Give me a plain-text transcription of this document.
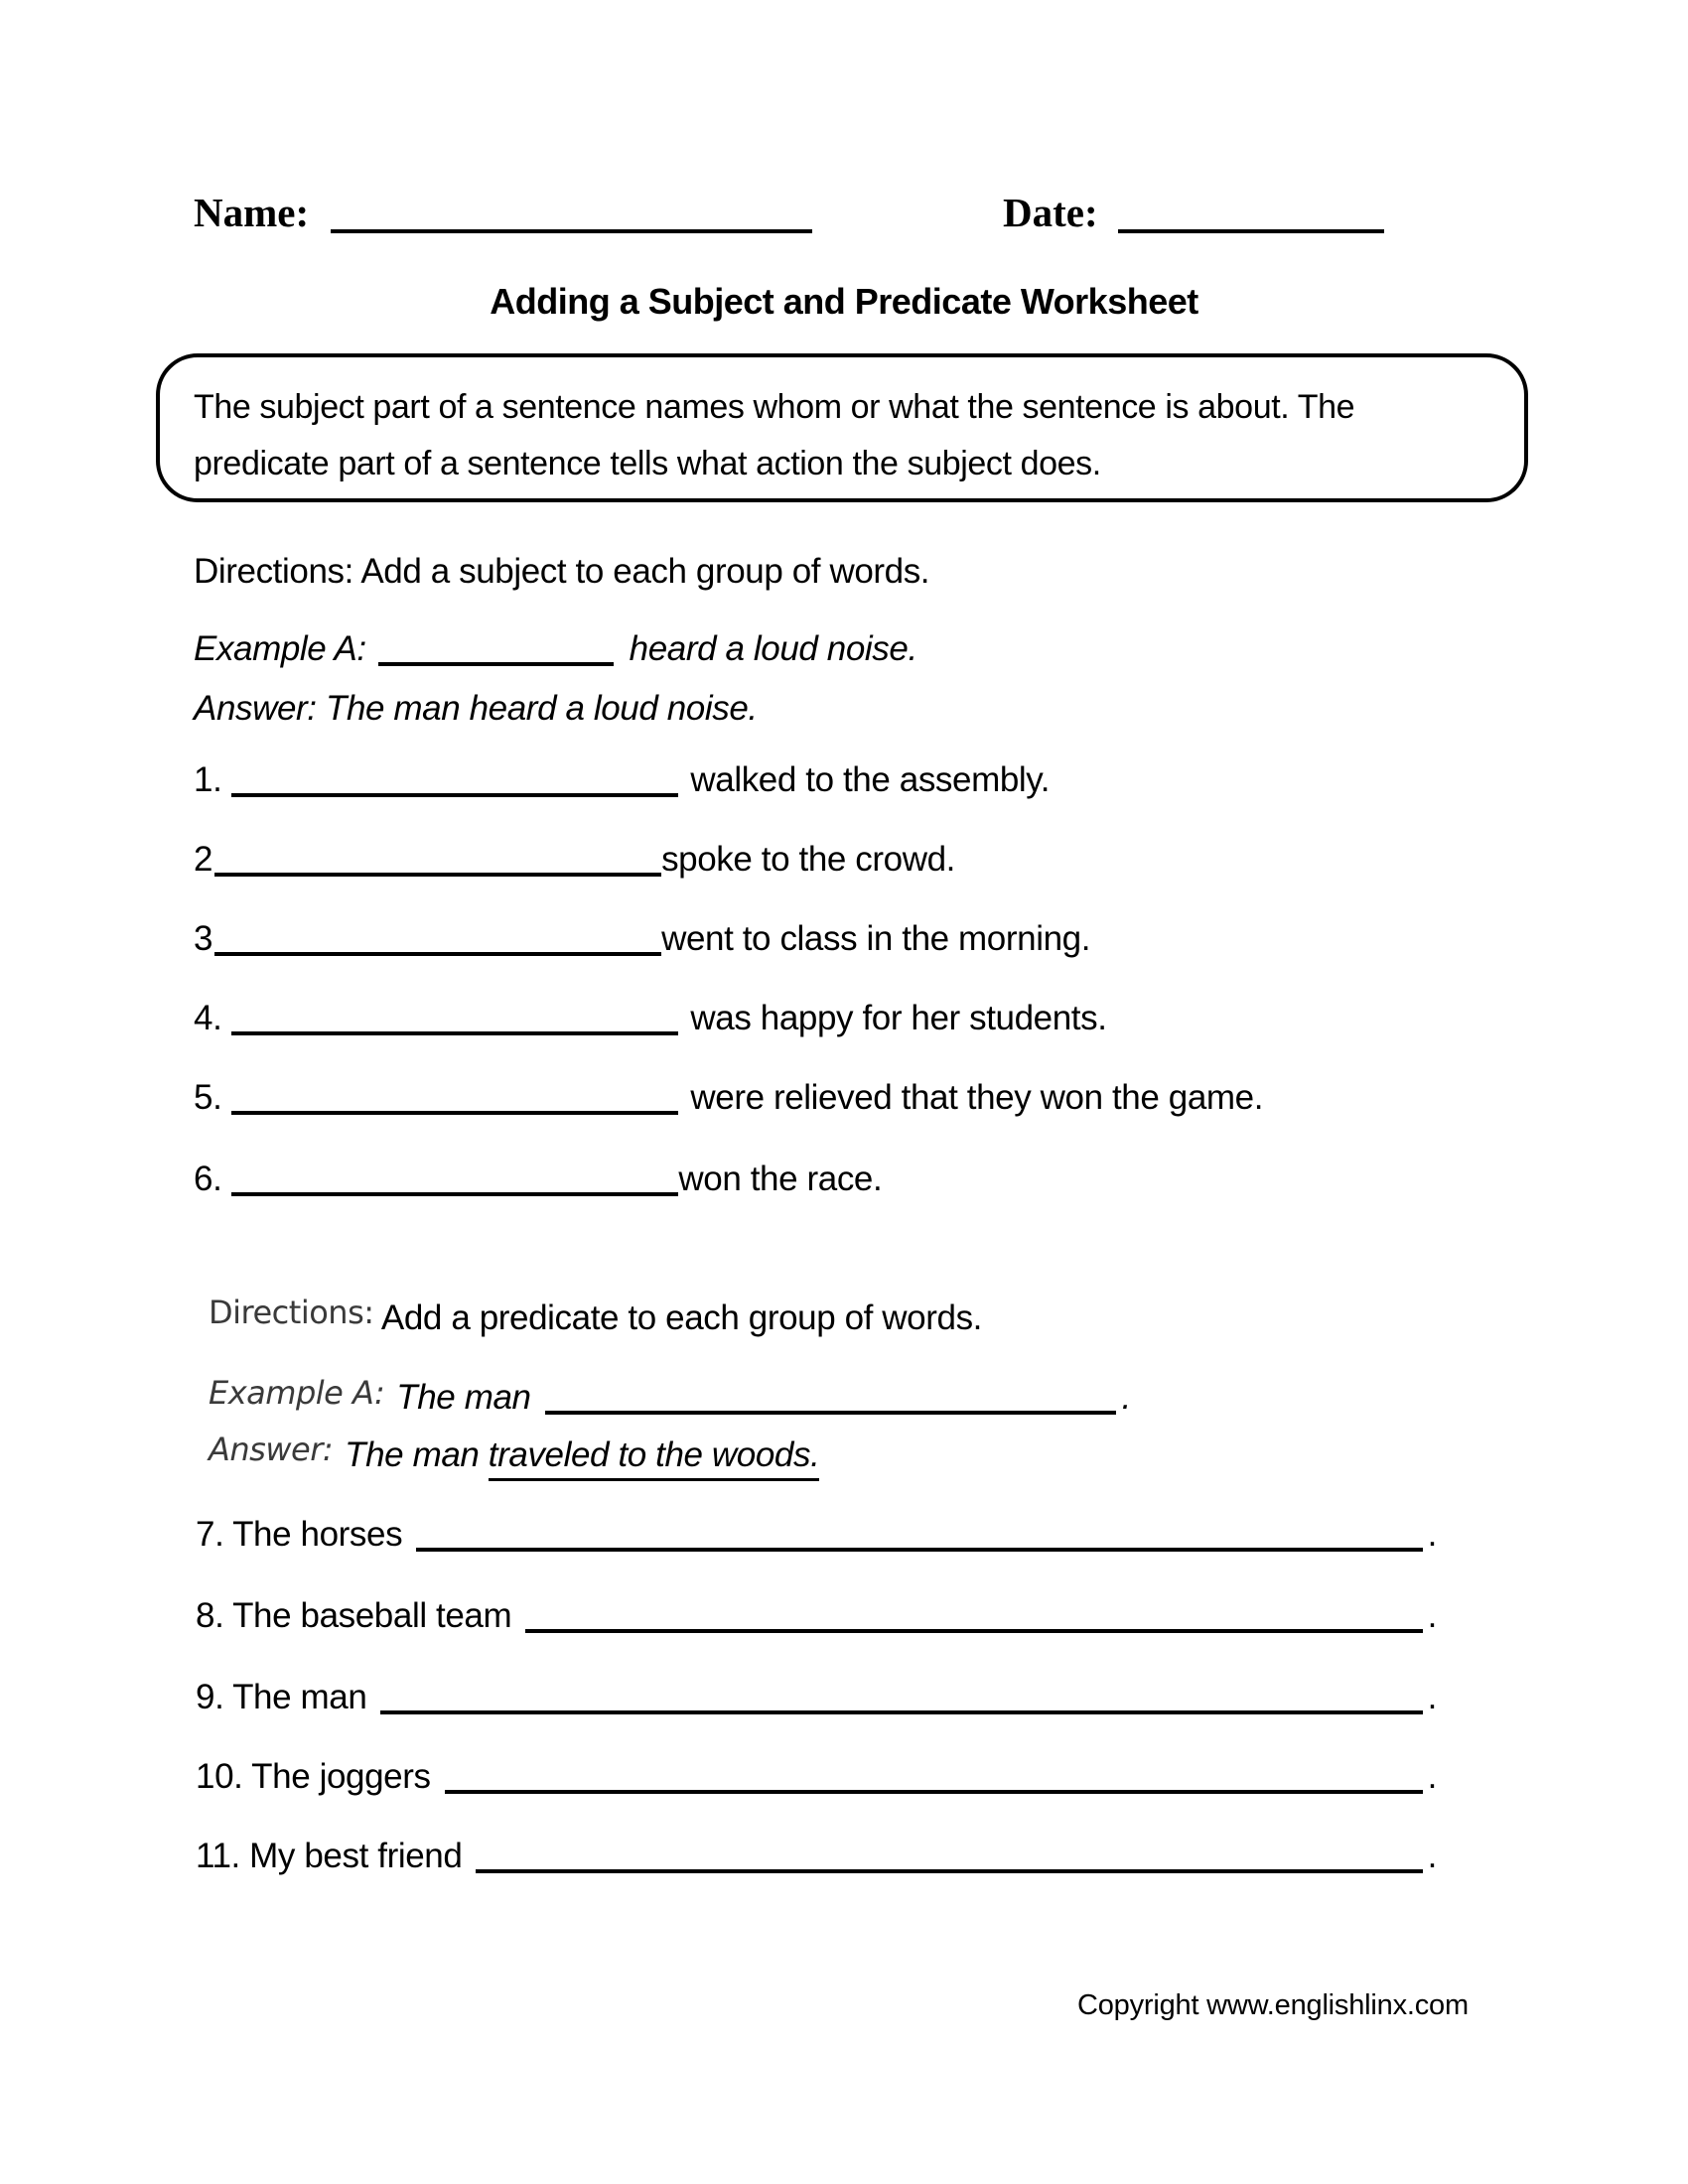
Name:	Date:
Adding a Subject and Predicate Worksheet
The subject part of a sentence names whom or what the sentence is about. The predicate part of a sentence tells what action the subject does.
Directions: Add a subject to each group of words.
Example A:	heard a loud noise.
Answer: The man heard a loud noise.
1.	walked to the assembly.
2	spoke to the crowd.
3	went to class in the morning.
4.	was happy for her students.
5.	were relieved that they won the game.
6.	won the race.
Directions: Add a predicate to each group of words.
Example A: The man	.
Answer: The man traveled to the woods.
7. The horses	.
8. The baseball team	.
9. The man	.
10. The joggers	.
11. My best friend	.
Copyright www.englishlinx.com
